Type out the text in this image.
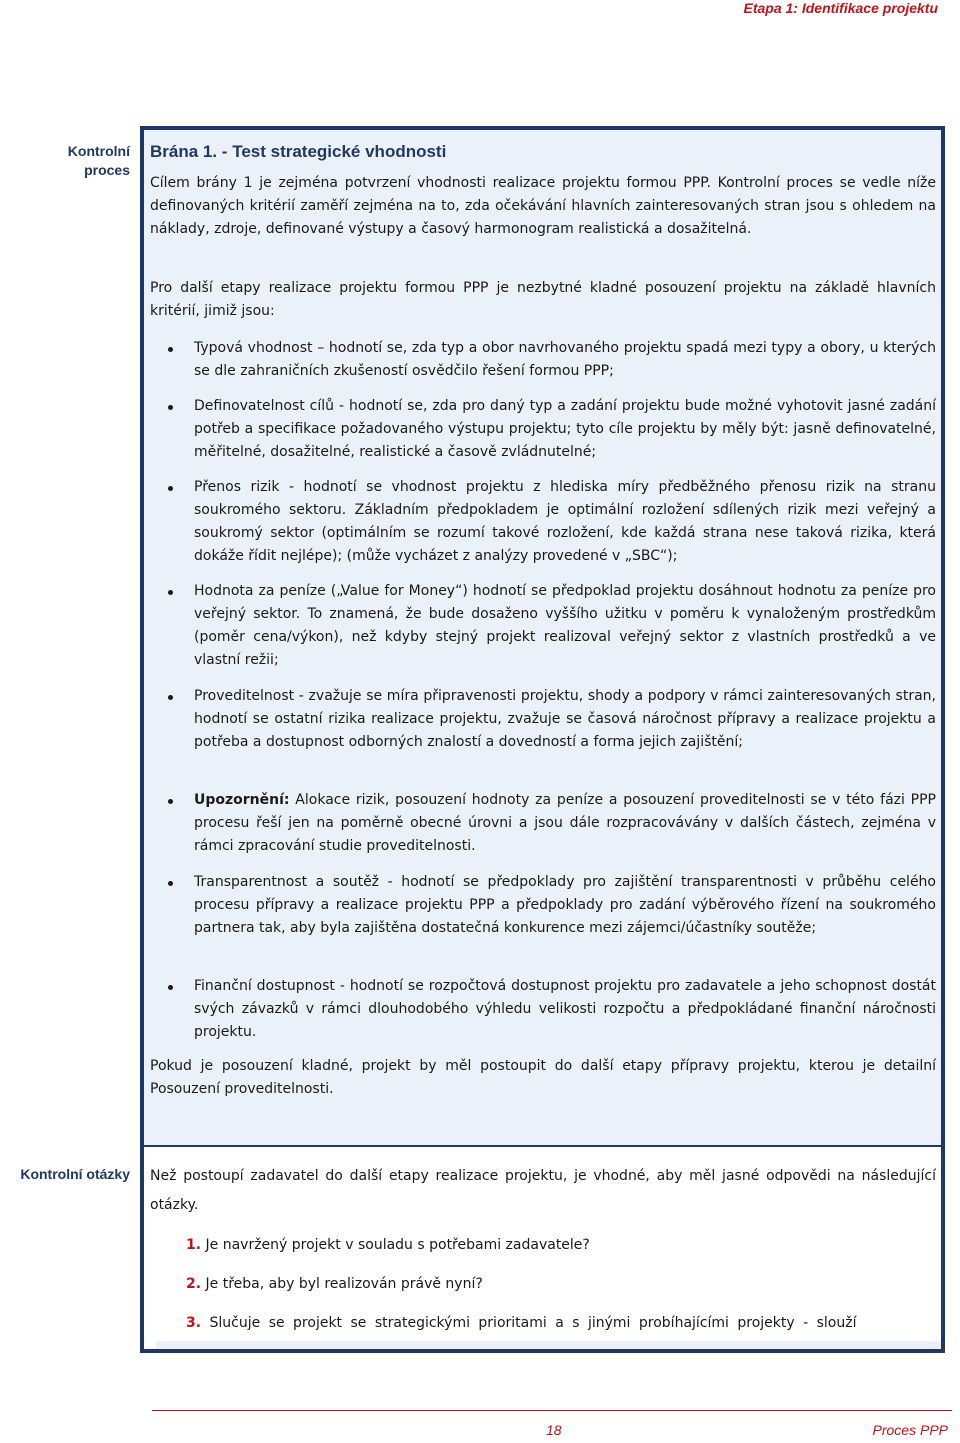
Etapa 1: Identifikace projektu
Kontrolní
proces
Brána 1. - Test strategické vhodnosti
Cílem brány 1 je zejména potvrzení vhodnosti realizace projektu formou PPP. Kontrolní proces se vedle níže definovaných kritérií zaměří zejména na to, zda očekávání hlavních zainteresovaných stran jsou s ohledem na náklady, zdroje, definované výstupy a časový harmonogram realistická a dosažitelná.
Pro další etapy realizace projektu formou PPP je nezbytné kladné posouzení projektu na základě hlavních kritérií, jimiž jsou:
Typová vhodnost – hodnotí se, zda typ a obor navrhovaného projektu spadá mezi typy a obory, u kterých se dle zahraničních zkušeností osvědčilo řešení formou PPP;
Definovatelnost cílů - hodnotí se, zda pro daný typ a zadání projektu bude možné vyhotovit jasné zadání potřeb a specifikace požadovaného výstupu projektu; tyto cíle projektu by měly být: jasně definovatelné, měřitelné, dosažitelné, realistické a časově zvládnutelné;
Přenos rizik - hodnotí se vhodnost projektu z hlediska míry předběžného přenosu rizik na stranu soukromého sektoru. Základním předpokladem je optimální rozložení sdílených rizik mezi veřejný a soukromý sektor (optimálním se rozumí takové rozložení, kde každá strana nese taková rizika, která dokáže řídit nejlépe); (může vycházet z analýzy provedené v „SBC“);
Hodnota za peníze („Value for Money“) hodnotí se předpoklad projektu dosáhnout hodnotu za peníze pro veřejný sektor. To znamená, že bude dosaženo vyššího užitku v poměru k vynaloženým prostředkům (poměr cena/výkon), než kdyby stejný projekt realizoval veřejný sektor z vlastních prostředků a ve vlastní režii;
Proveditelnost - zvažuje se míra připravenosti projektu, shody a podpory v rámci zainteresovaných stran, hodnotí se ostatní rizika realizace projektu, zvažuje se časová náročnost přípravy a realizace projektu a potřeba a dostupnost odborných znalostí a dovedností a forma jejich zajištění;
Upozornění: Alokace rizik, posouzení hodnoty za peníze a posouzení proveditelnosti se v této fázi PPP procesu řeší jen na poměrně obecné úrovni a jsou dále rozpracovávány v dalších částech, zejména v rámci zpracování studie proveditelnosti.
Transparentnost a soutěž - hodnotí se předpoklady pro zajištění transparentnosti v průběhu celého procesu přípravy a realizace projektu PPP a předpoklady pro zadání výběrového řízení na soukromého partnera tak, aby byla zajištěna dostatečná konkurence mezi zájemci/účastníky soutěže;
Finanční dostupnost - hodnotí se rozpočtová dostupnost projektu pro zadavatele a jeho schopnost dostát svých závazků v rámci dlouhodobého výhledu velikosti rozpočtu a předpokládané finanční náročnosti projektu.
Pokud je posouzení kladné, projekt by měl postoupit do další etapy přípravy projektu, kterou je detailní Posouzení proveditelnosti.
Kontrolní otázky Než postoupí zadavatel do další etapy realizace projektu, je vhodné, aby měl jasné odpovědi na následující otázky.
1. Je navržený projekt v souladu s potřebami zadavatele?
2. Je třeba, aby byl realizován právě nyní?
3. Slučuje se projekt se strategickými prioritami a s jinými probíhajícími projekty - slouží
18	Proces PPP
